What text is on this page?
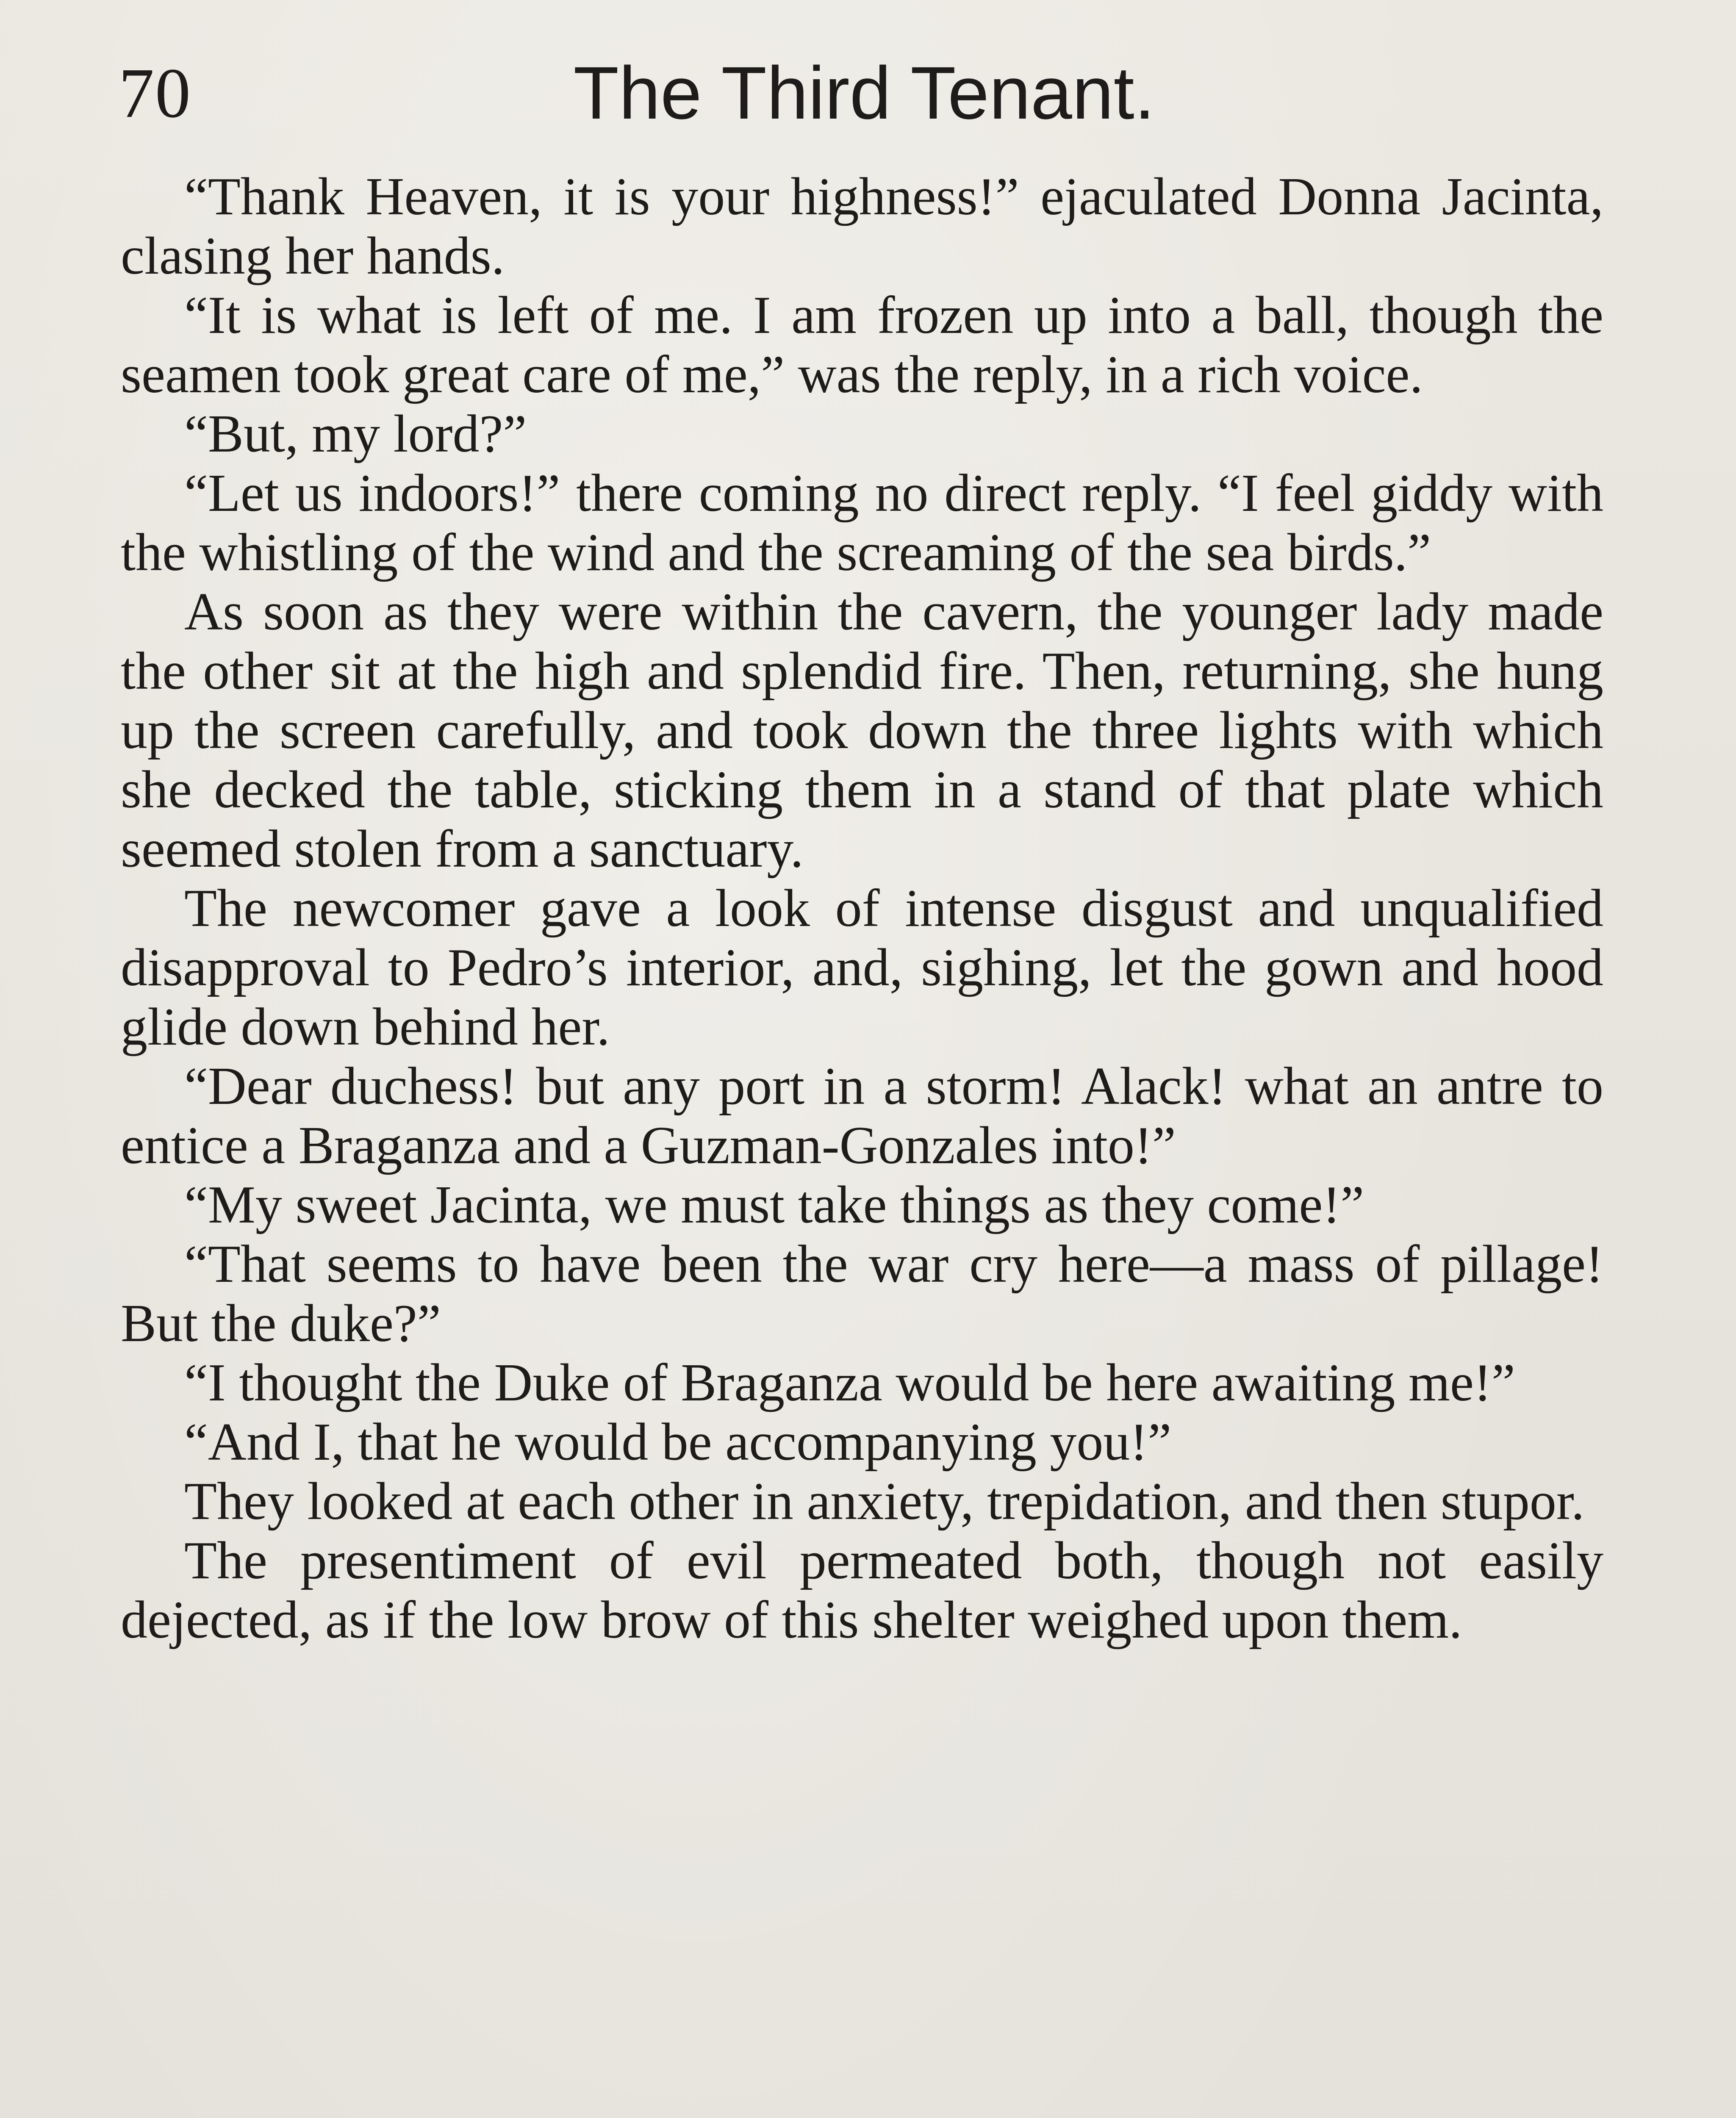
70	The Third Tenant.

“Thank Heaven, it is your highness!” ejaculated Donna Jacinta, clasing her hands.

“It is what is left of me. I am frozen up into a ball, though the seamen took great care of me,” was the reply, in a rich voice.

“But, my lord?”

“Let us indoors!” there coming no direct reply. “I feel giddy with the whistling of the wind and the screaming of the sea birds.”

As soon as they were within the cavern, the younger lady made the other sit at the high and splendid fire. Then, returning, she hung up the screen carefully, and took down the three lights with which she decked the table, sticking them in a stand of that plate which seemed stolen from a sanctuary.

The newcomer gave a look of intense disgust and unqualified disapproval to Pedro’s interior, and, sighing, let the gown and hood glide down behind her.

“Dear duchess! but any port in a storm! Alack! what an antre to entice a Braganza and a Guzman-Gonzales into!”

“My sweet Jacinta, we must take things as they come!”

“That seems to have been the war cry here—a mass of pillage! But the duke?”

“I thought the Duke of Braganza would be here awaiting me!”

“And I, that he would be accompanying you!”

They looked at each other in anxiety, trepidation, and then stupor.

The presentiment of evil permeated both, though not easily dejected, as if the low brow of this shelter weighed upon them.
